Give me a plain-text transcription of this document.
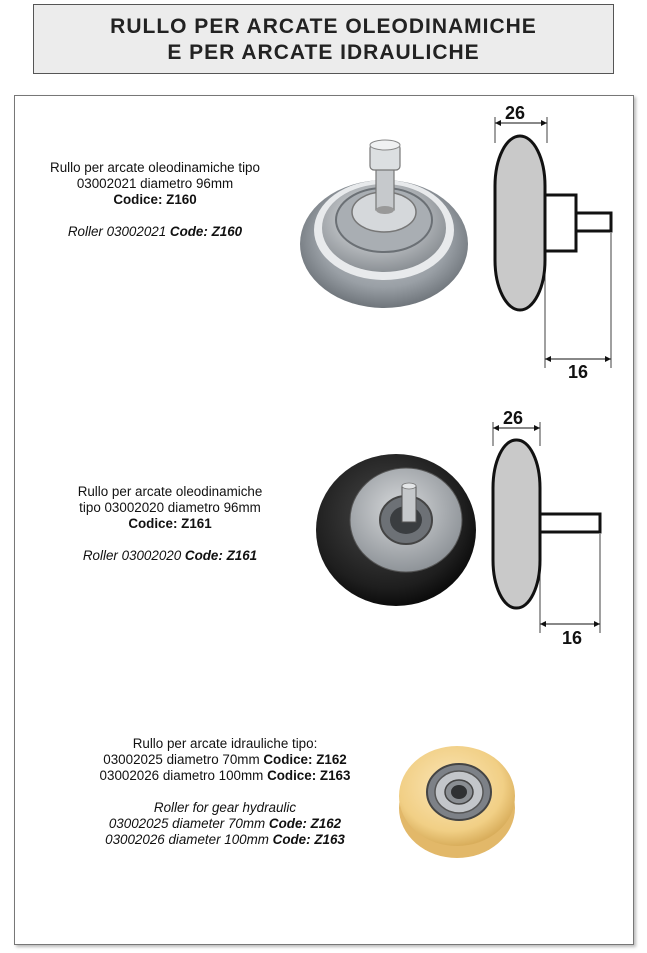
RULLO PER ARCATE OLEODINAMICHE
E PER ARCATE IDRAULICHE
Rullo per arcate oleodinamiche tipo
03002021 diametro 96mm
Codice: Z160
Roller 03002021 Code: Z160
26
16
Rullo per arcate oleodinamiche
tipo 03002020 diametro 96mm
Codice: Z161
Roller 03002020 Code: Z161
26
16
Rullo per arcate idrauliche tipo:
03002025 diametro 70mm Codice: Z162
03002026 diametro 100mm Codice: Z163
Roller for gear hydraulic
03002025 diameter 70mm Code: Z162
03002026 diameter 100mm Code: Z163
